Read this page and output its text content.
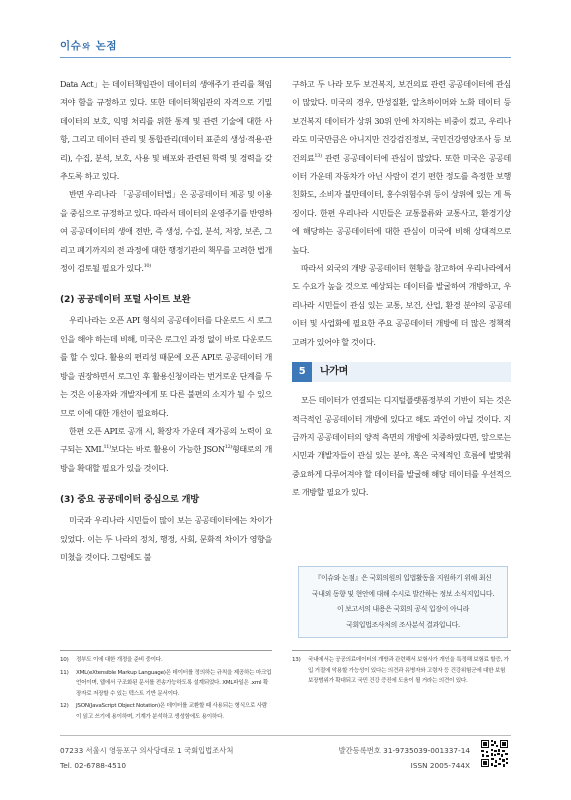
이슈와 논점

Data Act」는 데이터책임관이 데이터의 생애주기 관리를 책임져야 함을 규정하고 있다. 또한 데이터책임관의 자격으로 기밀 데이터의 보호, 익명 처리를 위한 통계 및 관련 기술에 대한 사항, 그리고 데이터 관리 및 통합관리(데이터 표준의 생성·적용·관리), 수집, 분석, 보호, 사용 및 배포와 관련된 학력 및 경력을 갖추도록 하고 있다.

반면 우리나라 「공공데이터법」은 공공데이터 제공 및 이용을 중심으로 규정하고 있다. 따라서 데이터의 운영주기를 반영하여 공공데이터의 생애 전반, 즉 생성, 수집, 분석, 저장, 보존, 그리고 폐기까지의 전 과정에 대한 행정기관의 책무를 고려한 법개정이 검토될 필요가 있다.$^{10)}$

(2) 공공데이터 포털 사이트 보완

우리나라는 오픈 API 형식의 공공데이터를 다운로드 시 로그인을 해야 하는데 비해, 미국은 로그인 과정 없이 바로 다운로드를 할 수 있다. 활용의 편리성 때문에 오픈 API로 공공데이터 개방을 권장하면서 로그인 후 활용신청이라는 번거로운 단계를 두는 것은 이용자와 개발자에게 또 다른 불편의 소지가 될 수 있으므로 이에 대한 개선이 필요하다.

한편 오픈 API로 공개 시, 확장자 가운데 재가공의 노력이 요구되는 XML$^{11)}$보다는 바로 활용이 가능한 JSON$^{12)}$형태로의 개방을 확대할 필요가 있을 것이다.

(3) 중요 공공데이터 중심으로 개방

미국과 우리나라 시민들이 많이 보는 공공데이터에는 차이가 있었다. 이는 두 나라의 정치, 행정, 사회, 문화적 차이가 영향을 미쳤을 것이다. 그럼에도 불

구하고 두 나라 모두 보건복지, 보건의료 관련 공공데이터에 관심이 많았다. 미국의 경우, 만성질환, 알츠하이머와 노화 데이터 등 보건복지 데이터가 상위 30위 안에 차지하는 비중이 컸고, 우리나라도 미국만큼은 아니지만 건강검진정보, 국민건강영양조사 등 보건의료$^{13)}$ 관련 공공데이터에 관심이 많았다. 또한 미국은 공공데이터 가운데 자동차가 아닌 사람이 걷기 편한 정도를 측정한 보행친화도, 소비자 불만데이터, 홍수위험수위 등이 상위에 있는 게 특징이다. 한편 우리나라 시민들은 교통물류와 교통사고, 환경기상에 해당하는 공공데이터에 대한 관심이 미국에 비해 상대적으로 높다.

따라서 외국의 개방 공공데이터 현황을 참고하여 우리나라에서도 수요가 높을 것으로 예상되는 데이터를 발굴하여 개방하고, 우리나라 시민들이 관심 있는 교통, 보건, 산업, 환경 분야의 공공데이터 및 사업화에 필요한 주요 공공데이터 개방에 더 많은 정책적 고려가 있어야 할 것이다.

5	나가며

모든 데이터가 연결되는 디지털플랫폼정부의 기반이 되는 것은 적극적인 공공데이터 개방에 있다고 해도 과언이 아닐 것이다. 지금까지 공공데이터의 양적 측면의 개방에 치중하였다면, 앞으로는 시민과 개발자들이 관심 있는 분야, 혹은 국제적인 흐름에 발맞춰 중요하게 다루어져야 할 데이터를 발굴해 해당 데이터를 우선적으로 개방할 필요가 있다.

『이슈와 논점』은 국회의원의 입법활동을 지원하기 위해 최신
국내외 동향 및 현안에 대해 수시로 발간하는 정보 소식지입니다.
이 보고서의 내용은 국회의 공식 입장이 아니라
국회입법조사처의 조사분석 결과입니다.
10)	정부도 이에 대한 개정을 준비 중이다.
11)	XML(eXtensible Markup Language)은 데이터를 정의하는 규칙을 제공하는 마크업 언어이며, 웹에서 구조화된 문서를 전송가능하도록 설계되었다. XML파일은 .xml 확장자로 저장할 수 있는 텍스트 기반 문서이다.
12)	JSON(JavaScript Object Notation)은 데이터를 교환할 때 사용되는 형식으로 사람이 읽고 쓰기에 용이하며, 기계가 분석하고 생성함에도 용이하다.
13)	국내에서는 공공의료데이터의 개방과 관련해서 보험사가 개인을 특정해 보험료 할증, 가입 거절에 악용할 가능성이 있다는 의견과 유병자와 고령자 등 건강위험군에 대한 보험 보장범위가 확대되고 국민 건강 증진에 도움이 될 거라는 의견이 있다.
07233 서울시 영등포구 의사당대로 1 국회입법조사처
Tel. 02-6788-4510
발간등록번호 31-9735039-001337-14
ISSN 2005-744X
